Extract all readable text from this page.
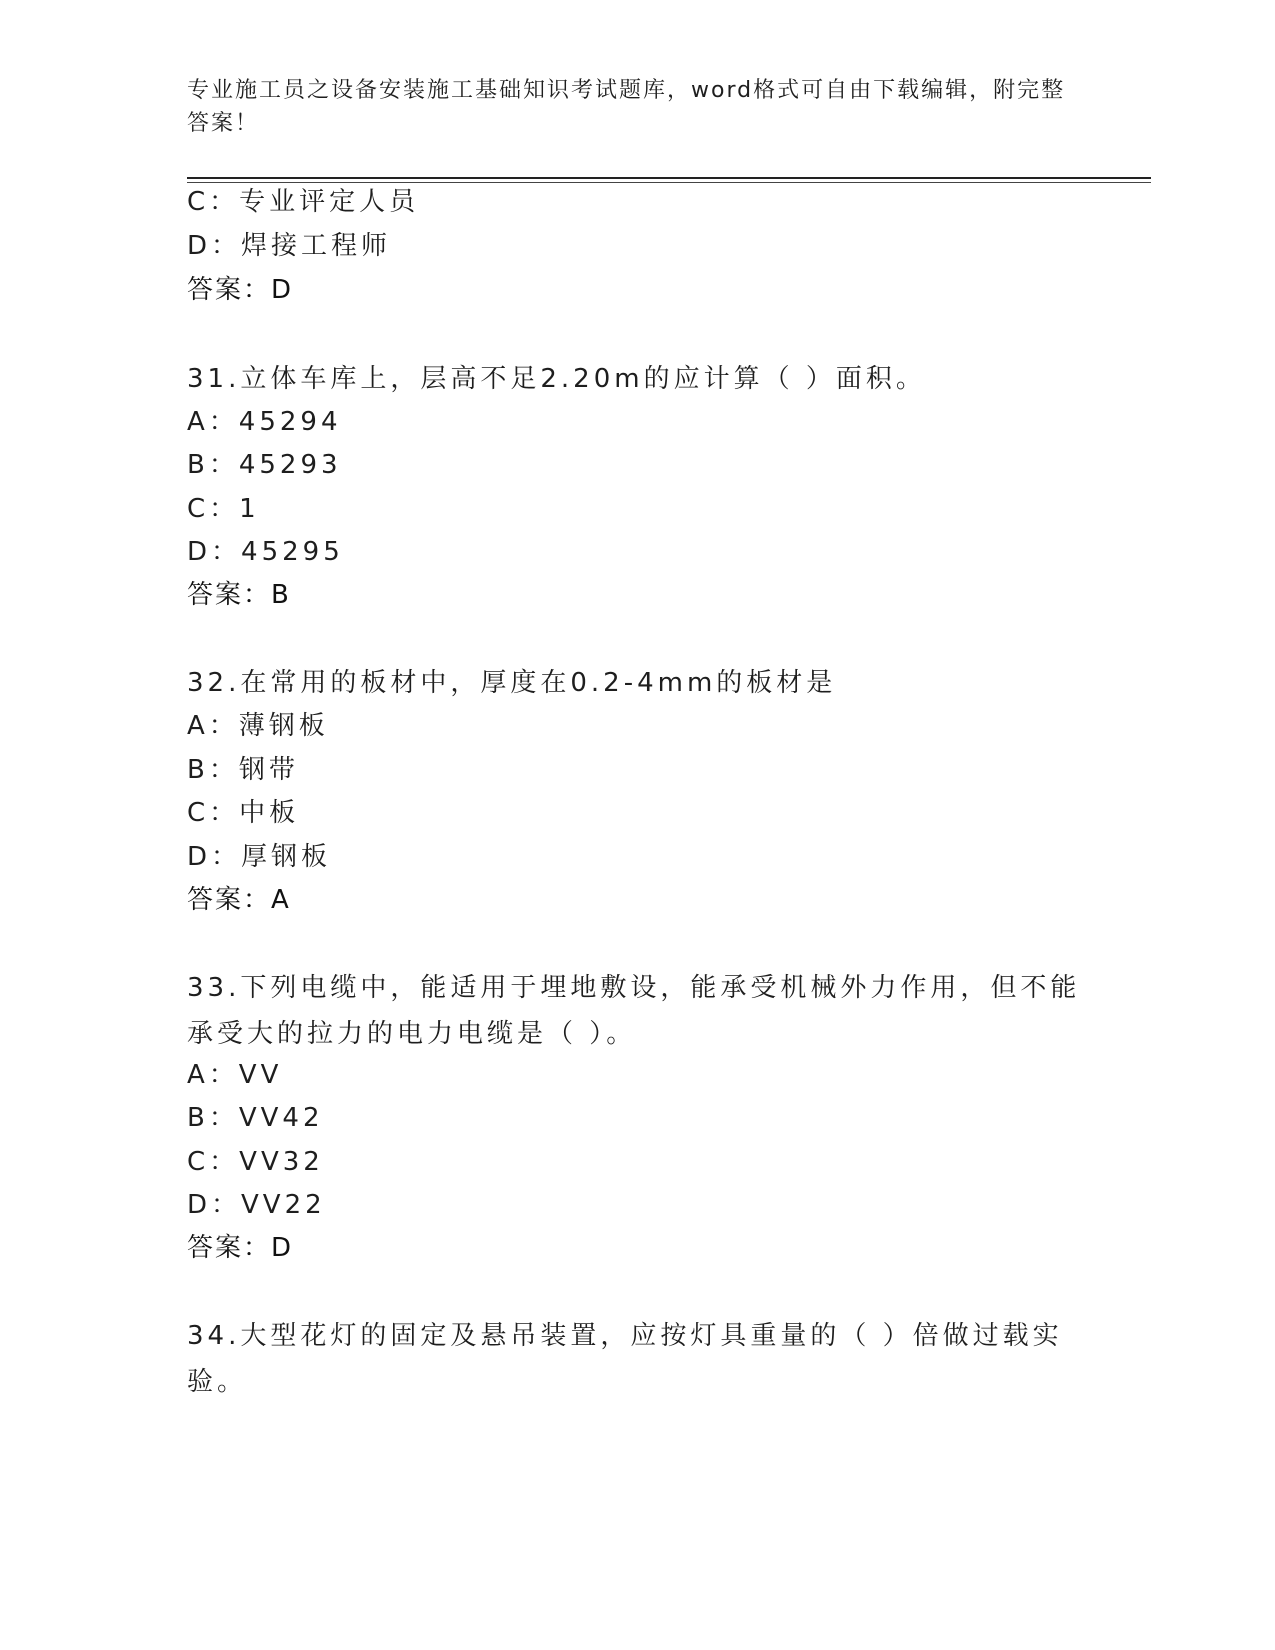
专业施工员之设备安装施工基础知识考试题库，word格式可自由下载编辑，附完整答案！
C：专业评定人员
D：焊接工程师
答案：D
31.立体车库上，层高不足2.20m的应计算（ ）面积。
A：45294
B：45293
C：1
D：45295
答案：B
32.在常用的板材中，厚度在0.2-4mm的板材是
A：薄钢板
B：钢带
C：中板
D：厚钢板
答案：A
33.下列电缆中，能适用于埋地敷设，能承受机械外力作用，但不能承受大的拉力的电力电缆是（ ）。
A：VV
B：VV42
C：VV32
D：VV22
答案：D
34.大型花灯的固定及悬吊装置，应按灯具重量的（ ）倍做过载实验。
